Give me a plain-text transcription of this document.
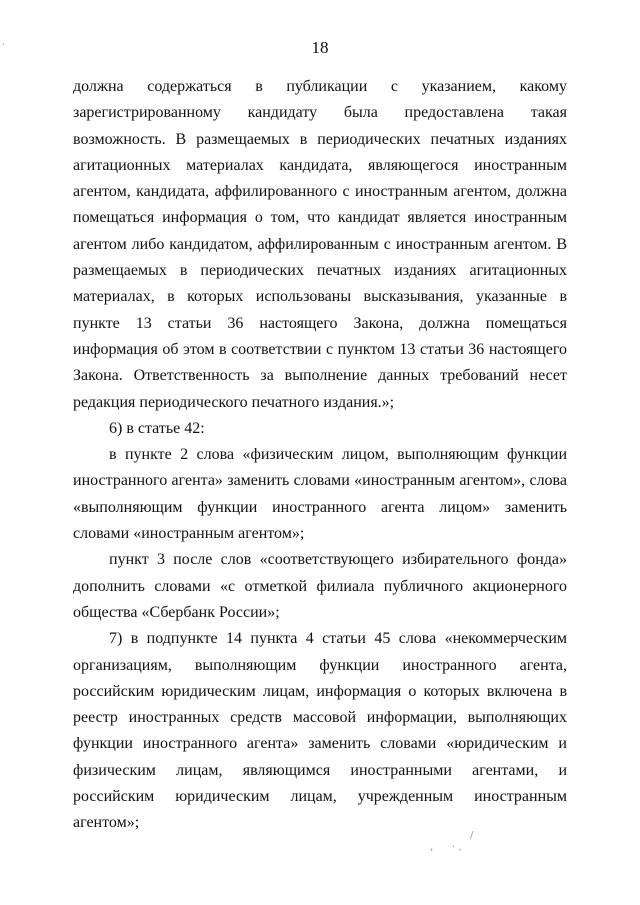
18

должна содержаться в публикации с указанием, какому зарегистрированному кандидату была предоставлена такая возможность. В размещаемых в периодических печатных изданиях агитационных материалах кандидата, являющегося иностранным агентом, кандидата, аффилированного с иностранным агентом, должна помещаться информация о том, что кандидат является иностранным агентом либо кандидатом, аффилированным с иностранным агентом. В размещаемых в периодических печатных изданиях агитационных материалах, в которых использованы высказывания, указанные в пункте 13 статьи 36 настоящего Закона, должна помещаться информация об этом в соответствии с пунктом 13 статьи 36 настоящего Закона. Ответственность за выполнение данных требований несет редакция периодического печатного издания.»;

6) в статье 42:

в пункте 2 слова «физическим лицом, выполняющим функции иностранного агента» заменить словами «иностранным агентом», слова «выполняющим функции иностранного агента лицом» заменить словами «иностранным агентом»;

пункт 3 после слов «соответствующего избирательного фонда» дополнить словами «с отметкой филиала публичного акционерного общества «Сбербанк России»;

7) в подпункте 14 пункта 4 статьи 45 слова «некоммерческим организациям, выполняющим функции иностранного агента, российским юридическим лицам, информация о которых включена в реестр иностранных средств массовой информации, выполняющих функции иностранного агента» заменить словами «юридическим и физическим лицам, являющимся иностранными агентами, и российским юридическим лицам, учрежденным иностранным агентом»;

·
, · ,
/
